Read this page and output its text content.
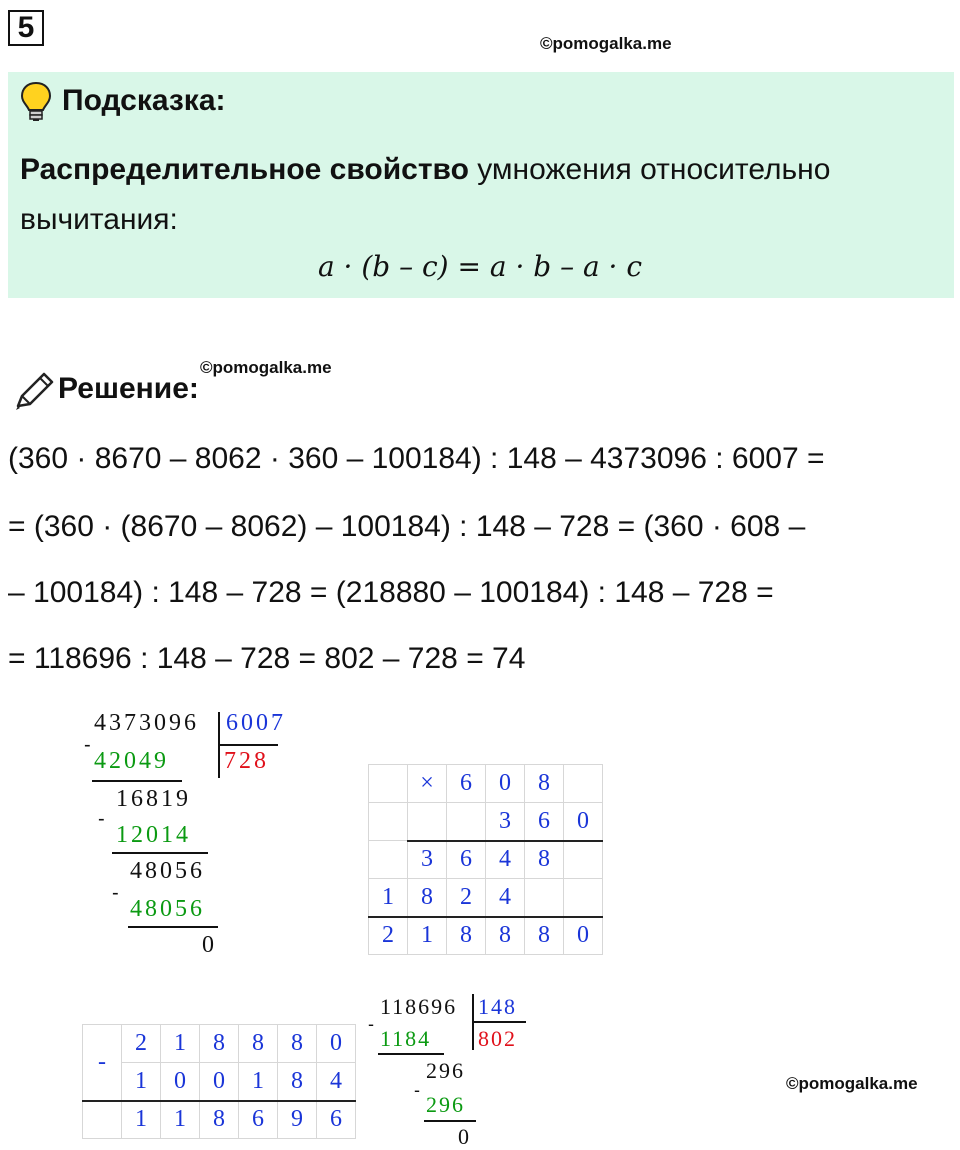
5	©pomogalka.me
Подсказка:
Распределительное свойство умножения относительно вычитания:
a · (b – c) = a · b – a · c
©pomogalka.me
Решение:
(360 · 8670 – 8062 · 360 – 100184) : 148 – 4373096 : 6007 =
= (360 · (8670 – 8062) – 100184) : 148 – 728 = (360 · 608 –
– 100184) : 148 – 728 = (218880 – 100184) : 148 – 728 =
= 118696 : 148 – 728 = 802 – 728 = 74
4373096 6007
728
-
42049
16819
-
12014
48056
-
48056
0
	×	6	0	8	
			3	6	0
	3	6	4	8	
1	8	2	4		
2	1	8	8	8	0
-	2	1	8	8	8	0
	1	0	0	1	8	4
	1	1	8	6	9	6
118696 148
802
-
1184
296
-
296
0
©pomogalka.me
